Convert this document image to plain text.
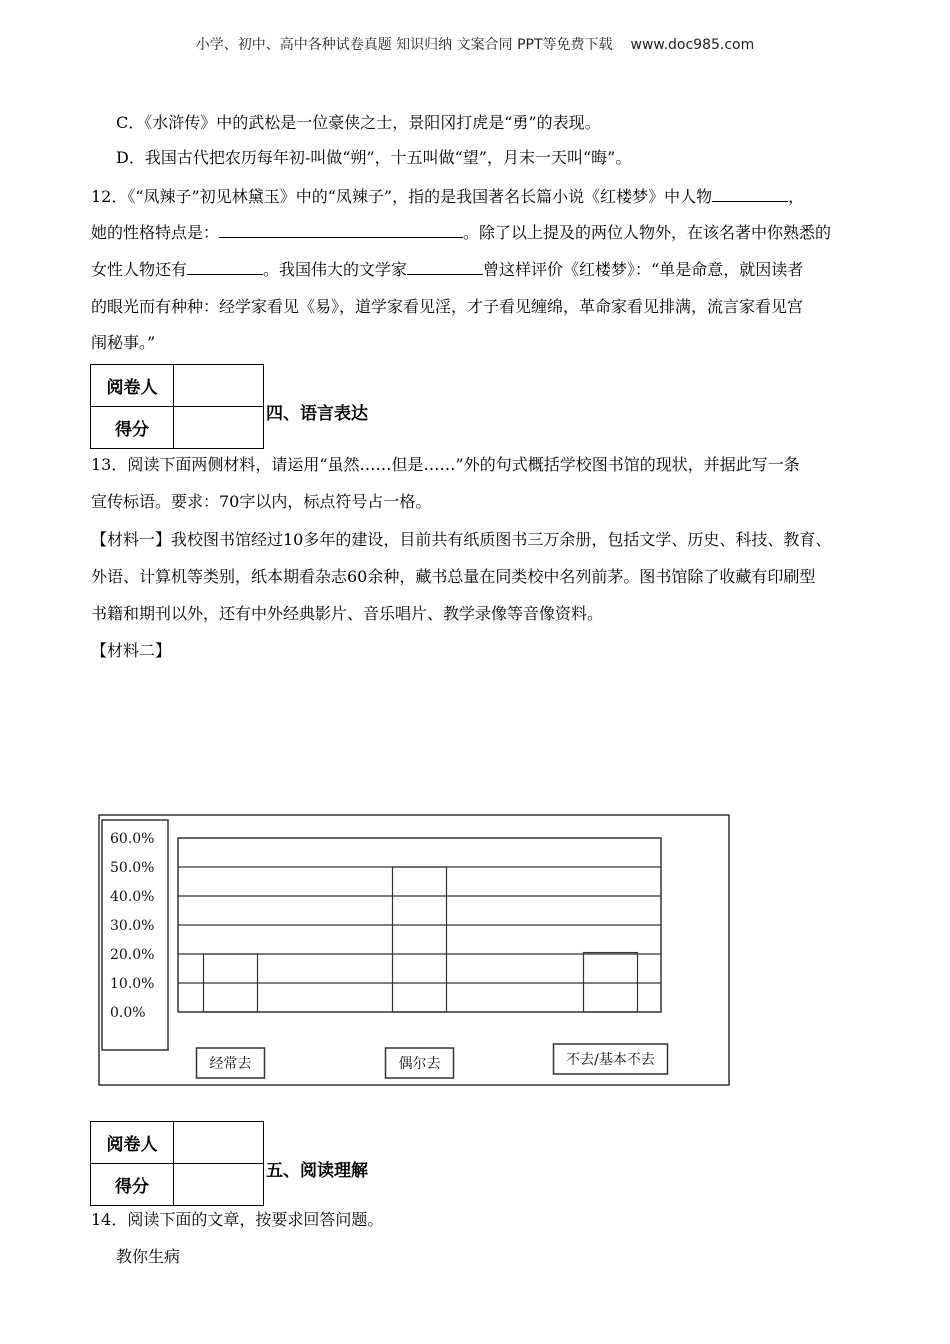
小学、初中、高中各种试卷真题 知识归纳 文案合同 PPT等免费下载 www.doc985.com
C．《水浒传》中的武松是一位豪侠之士，景阳冈打虎是“勇”的表现。
D．我国古代把农历每年初-叫做“朔”，十五叫做“望”，月末一天叫“晦”。
12．《“凤辣子”初见林黛玉》中的“凤辣子”，指的是我国著名长篇小说《红楼梦》中人物	，
她的性格特点是：	。除了以上提及的两位人物外，在该名著中你熟悉的
女性人物还有	。我国伟大的文学家	曾这样评价《红楼梦》：“单是命意，就因读者
的眼光而有种种：经学家看见《易》，道学家看见淫，才子看见缠绵，革命家看见排满，流言家看见宫
闱秘事。”
阅卷人	
得分	
四、语言表达
13．阅读下面两侧材料，请运用“虽然……但是……”外的句式概括学校图书馆的现状，并据此写一条
宣传标语。要求：70字以内，标点符号占一格。
【材料一】我校图书馆经过10多年的建设，目前共有纸质图书三万余册，包括文学、历史、科技、教育、
外语、计算机等类别，纸本期看杂志60余种，藏书总量在同类校中名列前茅。图书馆除了收藏有印刷型
书籍和期刊以外，还有中外经典影片、音乐唱片、教学录像等音像资料。
【材料二】
0.0%
10.0%
20.0%
30.0%
40.0%
50.0%
60.0%
经常去	偶尔去	不去/基本不去
阅卷人	
得分	
五、阅读理解
14．阅读下面的文章，按要求回答问题。
教你生病
